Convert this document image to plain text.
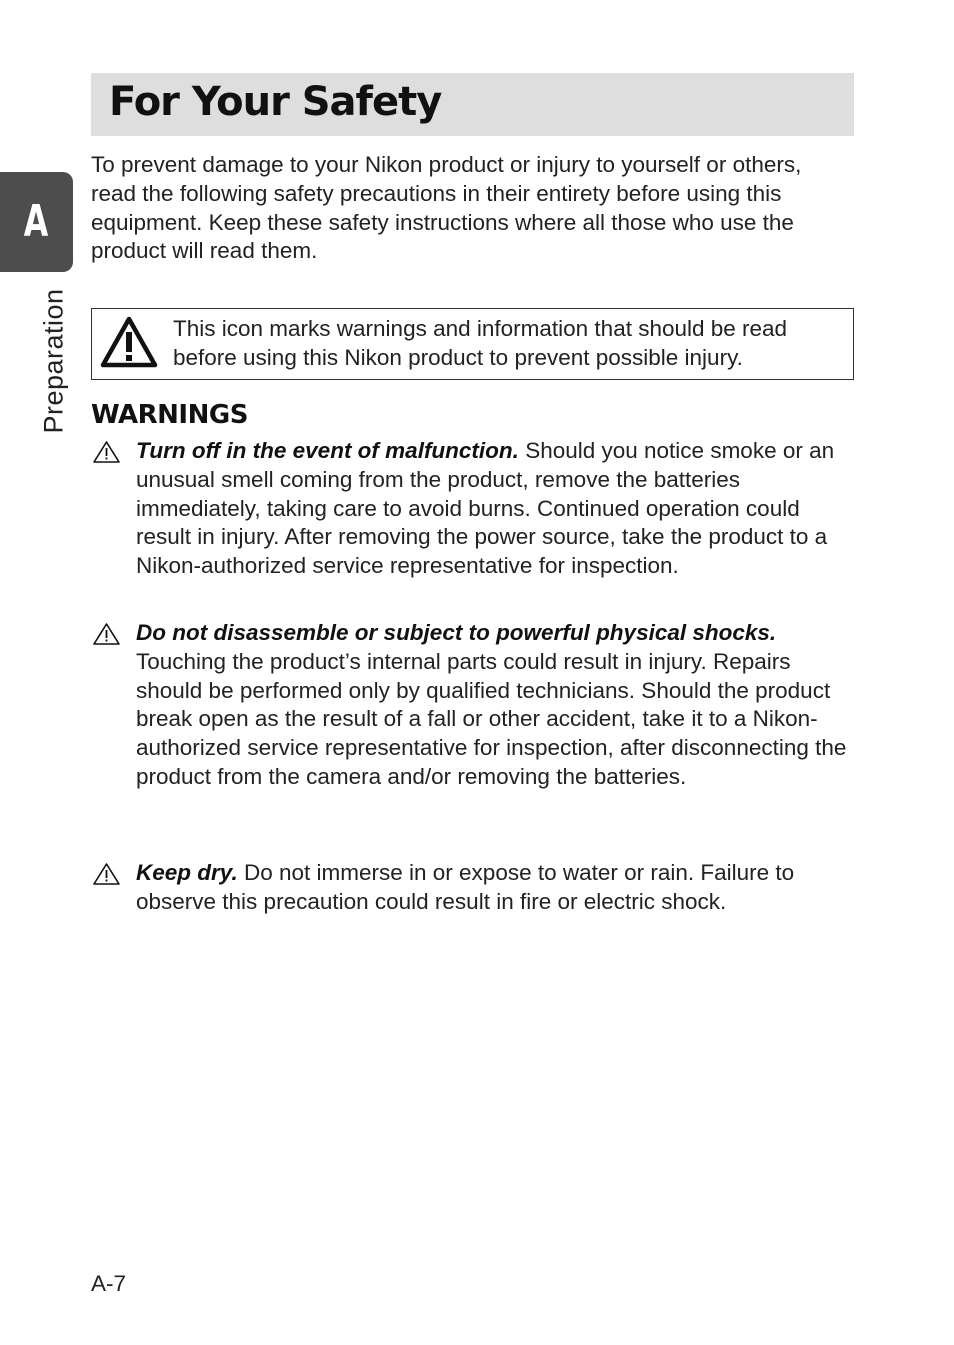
A
Preparation
For Your Safety

To prevent damage to your Nikon product or injury to yourself or others, read the following safety precautions in their entirety before using this equipment. Keep these safety instructions where all those who use the product will read them.

This icon marks warnings and information that should be read before using this Nikon product to prevent possible injury.

WARNINGS

Turn off in the event of malfunction. Should you notice smoke or an unusual smell coming from the product, remove the batteries immediately, taking care to avoid burns. Continued operation could result in injury. After removing the power source, take the product to a Nikon-authorized service representative for inspection.

Do not disassemble or subject to powerful physical shocks.
Touching the product’s internal parts could result in injury. Repairs should be performed only by qualified technicians. Should the product break open as the result of a fall or other accident, take it to a Nikon-authorized service representative for inspection, after disconnecting the product from the camera and/or removing the batteries.

Keep dry. Do not immerse in or expose to water or rain. Failure to observe this precaution could result in fire or electric shock.

A-7
